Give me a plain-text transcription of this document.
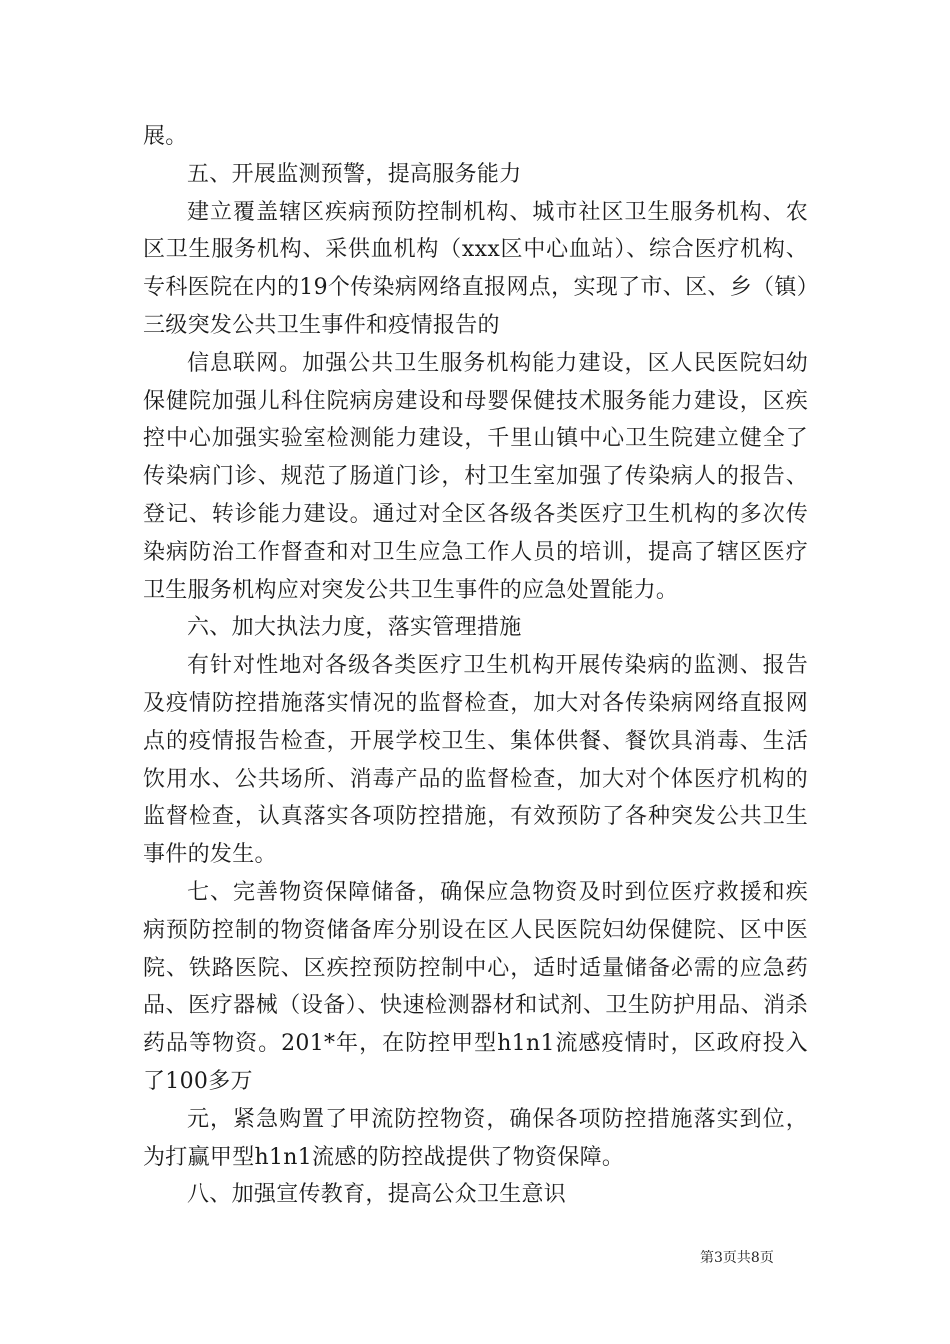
展。

五、开展监测预警，提高服务能力

建立覆盖辖区疾病预防控制机构、城市社区卫生服务机构、农区卫生服务机构、采供血机构（xxx区中心血站）、综合医疗机构、专科医院在内的19个传染病网络直报网点，实现了市、区、乡（镇）三级突发公共卫生事件和疫情报告的

信息联网。加强公共卫生服务机构能力建设，区人民医院妇幼保健院加强儿科住院病房建设和母婴保健技术服务能力建设，区疾控中心加强实验室检测能力建设，千里山镇中心卫生院建立健全了传染病门诊、规范了肠道门诊，村卫生室加强了传染病人的报告、登记、转诊能力建设。通过对全区各级各类医疗卫生机构的多次传染病防治工作督查和对卫生应急工作人员的培训，提高了辖区医疗卫生服务机构应对突发公共卫生事件的应急处置能力。

六、加大执法力度，落实管理措施

有针对性地对各级各类医疗卫生机构开展传染病的监测、报告及疫情防控措施落实情况的监督检查，加大对各传染病网络直报网点的疫情报告检查，开展学校卫生、集体供餐、餐饮具消毒、生活饮用水、公共场所、消毒产品的监督检查，加大对个体医疗机构的监督检查，认真落实各项防控措施，有效预防了各种突发公共卫生事件的发生。

七、完善物资保障储备，确保应急物资及时到位医疗救援和疾病预防控制的物资储备库分别设在区人民医院妇幼保健院、区中医院、铁路医院、区疾控预防控制中心，适时适量储备必需的应急药品、医疗器械（设备）、快速检测器材和试剂、卫生防护用品、消杀药品等物资。201*年，在防控甲型h1n1流感疫情时，区政府投入了100多万

元，紧急购置了甲流防控物资，确保各项防控措施落实到位，为打赢甲型h1n1流感的防控战提供了物资保障。

八、加强宣传教育，提高公众卫生意识

第3页共8页
